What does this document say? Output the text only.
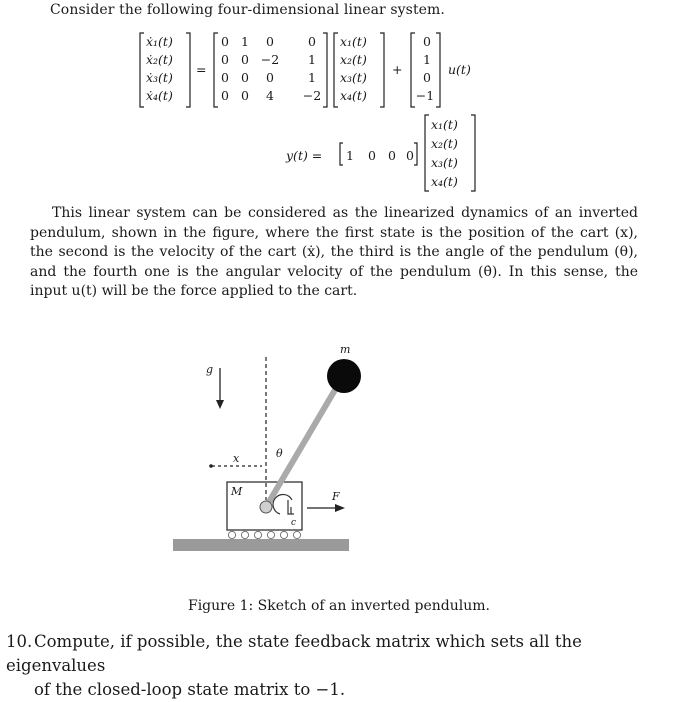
Consider the following four-dimensional linear system.
ẋ₁(t)
ẋ₂(t)
ẋ₃(t)
ẋ₄(t)
=
0 1 0	0
0 0 −2 1
0 0 0	1
0 0 4 −2
x₁(t)
x₂(t)
x₃(t)
x₄(t)
+
0
1
0
−1
u(t)
y(t) = 1 0 0 0
x₁(t)
x₂(t)
x₃(t)
x₄(t)
m
g
x	θ
M	F
c
This linear system can be considered as the linearized dynamics of an inverted pendulum, shown in the figure, where the first state is the position of the cart (x), the second is the velocity of the cart (ẋ), the third is the angle of the pendulum (θ), and the fourth one is the angular velocity of the pendulum (θ̇). In this sense, the input u(t) will be the force applied to the cart.
Figure 1: Sketch of an inverted pendulum.
10. Compute, if possible, the state feedback matrix which sets all the eigenvalues
of the closed-loop state matrix to −1.
